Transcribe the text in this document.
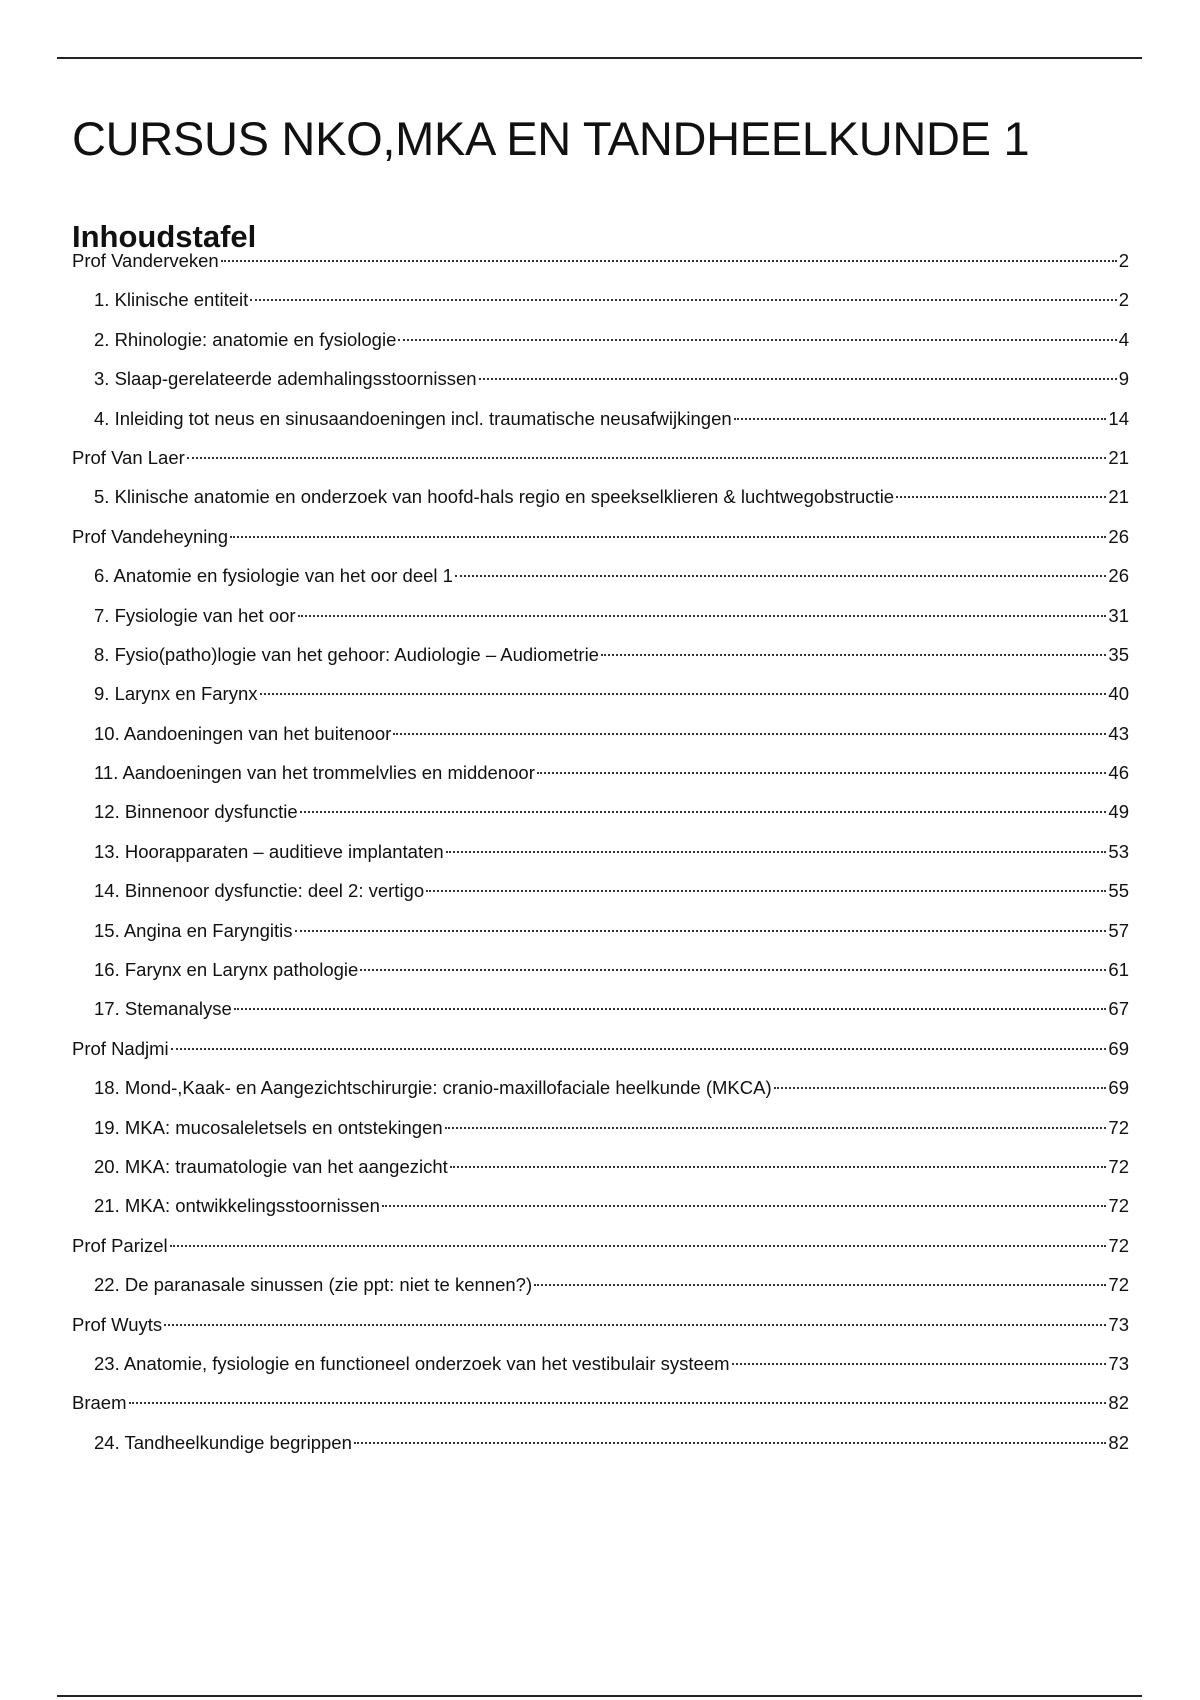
CURSUS NKO,MKA EN TANDHEELKUNDE 1
Inhoudstafel
Prof Vanderveken	2
1. Klinische entiteit	2
2. Rhinologie: anatomie en fysiologie	4
3. Slaap-gerelateerde ademhalingsstoornissen	9
4. Inleiding tot neus en sinusaandoeningen incl. traumatische neusafwijkingen	14
Prof Van Laer	21
5. Klinische anatomie en onderzoek van hoofd-hals regio en speekselklieren & luchtwegobstructie	21
Prof Vandeheyning	26
6. Anatomie en fysiologie van het oor deel 1	26
7. Fysiologie van het oor	31
8. Fysio(patho)logie van het gehoor: Audiologie – Audiometrie	35
9. Larynx en Farynx	40
10. Aandoeningen van het buitenoor	43
11. Aandoeningen van het trommelvlies en middenoor	46
12. Binnenoor dysfunctie	49
13. Hoorapparaten – auditieve implantaten	53
14. Binnenoor dysfunctie: deel 2: vertigo	55
15. Angina en Faryngitis	57
16. Farynx en Larynx pathologie	61
17. Stemanalyse	67
Prof Nadjmi	69
18. Mond-,Kaak- en Aangezichtschirurgie: cranio-maxillofaciale heelkunde (MKCA)	69
19. MKA: mucosaleletsels en ontstekingen	72
20. MKA: traumatologie van het aangezicht	72
21. MKA: ontwikkelingsstoornissen	72
Prof Parizel	72
22. De paranasale sinussen (zie ppt: niet te kennen?)	72
Prof Wuyts	73
23. Anatomie, fysiologie en functioneel onderzoek van het vestibulair systeem	73
Braem	82
24. Tandheelkundige begrippen	82
